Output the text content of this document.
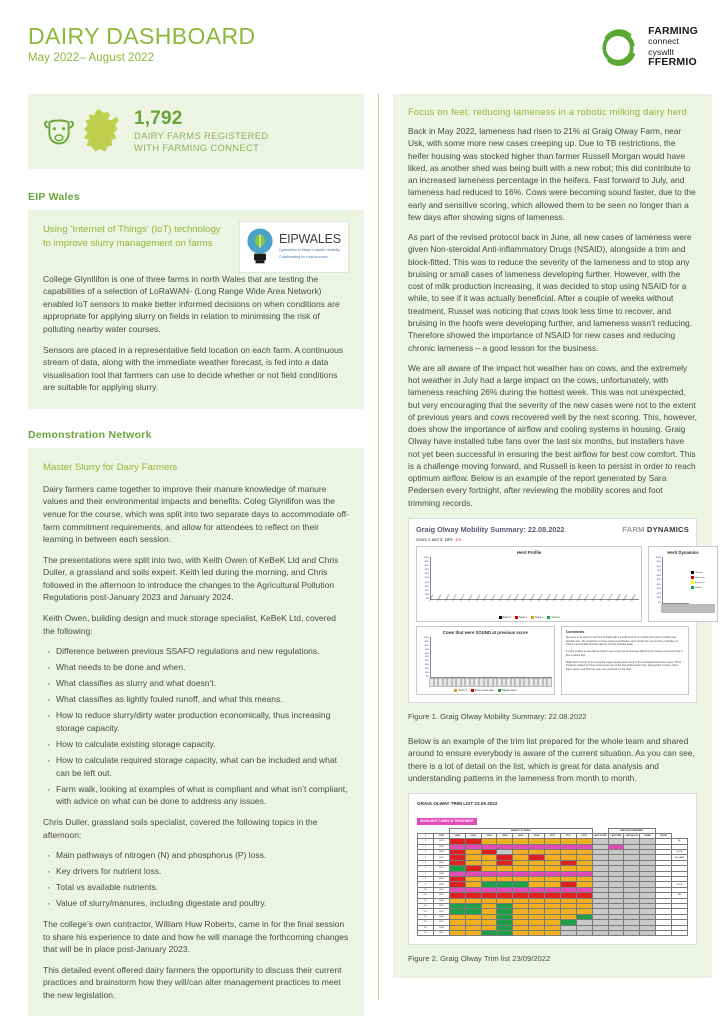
DAIRY DASHBOARD
May 2022– August 2022
FARMING
connect
cyswllt
FFERMIO
1,792
DAIRY FARMS REGISTERED
WITH FARMING CONNECT
EIP Wales
Using ‘Internet of Things’ (IoT) technology to improve slurry management on farms	EIPWALES
Cydweithio er Mwyn Llwyddo Gwledig
Collaborating for rural success

College Glynllifon is one of three farms in north Wales that are testing the capabilities of a selection of LoRaWAN- (Long Range Wide Area Network) enabled IoT sensors to make better informed decisions on when conditions are appropriate for applying slurry on fields in relation to minimising the risk of polluting nearby water courses.

Sensors are placed in a representative field location on each farm. A continuous stream of data, along with the immediate weather forecast, is fed into a data visualisation tool that farmers can use to decide whether or not field conditions are suitable for applying slurry.

Demonstration Network
Master Slurry for Dairy Farmers

Dairy farmers came together to improve their manure knowledge of manure values and their environmental impacts and benefits. Coleg Glynllifon was the venue for the course, which was split into two separate days to accommodate off-farm commitment requirements, and allow for attendees to reflect on their learning in between each session.

The presentations were split into two, with Keith Owen of KeBeK Ltd and Chris Duller, a grassland and soils expert. Keith led during the morning, and Chris followed in the afternoon to introduce the changes to the Agricultural Pollution Regulations post-January 2023 and January 2024.

Keith Owen, building design and muck storage specialist, KeBeK Ltd, covered the following:

· Difference between previous SSAFO regulations and new regulations.
· What needs to be done and when.
· What classifies as slurry and what doesn’t.
· What classifies as lightly fouled runoff, and what this means.
· How to reduce slurry/dirty water production economically, thus increasing storage capacity.
· How to calculate existing storage capacity.
· How to calculate required storage capacity, what can be included and what can be left out.
· Farm walk, looking at examples of what is compliant and what isn’t compliant, with advice on what can be done to address any issues.

Chris Duller, grassland soils specialist, covered the following topics in the afternoon:

· Main pathways of nitrogen (N) and phosphorus (P) loss.
· Key drivers for nutrient loss.
· Total vs available nutrients.
· Value of slurry/manures, including digestate and poultry.

The college’s own contractor, William Huw Roberts, came in for the final session to share his experience to date and how he will manage the forthcoming changes that will be in place post-January 2023.

This detailed event offered dairy farmers the opportunity to discuss their current practices and brainstorm how they will/can alter management practices to meet the new legislation.

Focus on feet: reducing lameness in a robotic milking dairy herd

Back in May 2022, lameness had risen to 21% at Graig Olway Farm, near Usk, with some more new cases creeping up. Due to TB restrictions, the heifer housing was stocked higher than farmer Russell Morgan would have liked, as another shed was being built with a new robot; this did contribute to an increased lameness percentage in the heifers. Fast forward to July, and lameness had reduced to 16%. Cows were becoming sound faster, due to the early and sensitive scoring, which allowed them to be seen no longer than a few days after showing signs of lameness.

As part of the revised protocol back in June, all new cases of lameness were given Non-steroidal Anti-inflammatory Drugs (NSAID), alongside a trim and block-fitted. This was to reduce the severity of the lameness and to stop any bruising or small cases of lameness developing further. However, with the cost of milk production increasing, it was decided to stop using NSAID for a while, to see if it was actually beneficial. After a couple of weeks without treatment, Russel was noticing that cows took less time to recover, and bruising in the hoofs were developing further, and lameness wasn’t reducing. Therefore showed the importance of NSAID for new cases and reducing chronic lameness – a good lesson for the business.

We are all aware of the impact hot weather has on cows, and the extremely hot weather in July had a large impact on the cows, unfortunately, with lameness reaching 26% during the hottest week. This was not unexpected, but very encouraging that the severity of the new cases were not to the extent of previous years and cows recovered well by the next scoring. This, however, does show the importance of airflow and cooling systems in housing. Graig Olway have installed tube fans over the last six months, but installers have not yet been successful in ensuring the best airflow for best cow comfort. This is a challenge moving forward, and Russell is keen to persist in order to reach optimum airflow. Below is an example of the report generated by Sara Pedersen every fortnight, after reviewing the mobility scores and foot trimming records.

Graig Olway Mobility Summary: 22.08.2022	FARM DYNAMICS
Score 2 and 3: 18% -1%
Herd Profile
100%
90%
80%
70%
60%
50%
40%
30%
20%
10%
0% 01/09/21	15/09/21	29/09/21	13/10/21	27/10/21	10/11/21	24/11/21	08/12/21	22/12/21	05/01/22	19/01/22	02/02/22	16/02/22	02/03/22	16/03/22	30/03/22	13/04/22	27/04/22	11/05/22	25/05/22	08/06/22	22/06/22	06/07/22	20/07/22	03/08/22	17/08/22	22/08/22
Score 3	Score 2	Score 1	Score 0
Herd Dynamics
100%
90%
80%
70%
60%
50%
40%
30%
20%
10%
0%
Chronic
New case
Score 1-2
Sound
Cows that were SOUND at previous score
100%
90%
80%
70%
60%
50%
40%
30%
20%
10%
0%
Score 3	Score 2 new case	Stayed sound
Comments

We seem to be back on track the fortnight with a overall scoring new whole who were a notable new infection rate. The proportion of cows staying sound/grace same shows the new and the proportion of chronic cases (black and also also do not see included again.

It’s also positive to see that we haven’t seen a big rise in lameness following the season scores (scoring 3 plus 4 weeks ago.

Udder Derm scores to be a ongoing stage causing quite a few of the new/repeat lameness cases. These should be treated for these lamenesses due to the trial at this stream they heal quicker in these cases. Index cases need help the main use of infection in the herd.

Figure 1. Graig Olway Mobility Summary: 22.08.2022

Below is an example of the trim list prepared for the whole team and shared around to ensure everybody is aware of the current situation. As you can see, there is a lot of detail on the list, which is great for data analysis and understanding patterns in the lameness from month to month.

GRAIG OLWAY TRIM LIST 23.09.2022
HIGHLIGHT CASES IN TREATMENT
		MOBILITY SCORING										PREVIOUS TREATMENT				
#	COW	18/08	01/09	15/09	22/09	06/10	20/10	03/11	17/11	01/12	LAST SCORE	LAST TRIM	LAST BLOCK	NSAID	NOTES	
1	1421															BL
2	1308															
3	1466															SOLE
4	1502															WL LAME
5	1390															
6	1275															
7	1188															
8	1443															
9	1355															SOLE
10	1401															
11	1267															WL
12	1520															
13	1333															
14	1479															
15	1296															
16	1512															
17	1348															
18	1425															
Figure 2. Graig Olway Trim list 23/09/2022
